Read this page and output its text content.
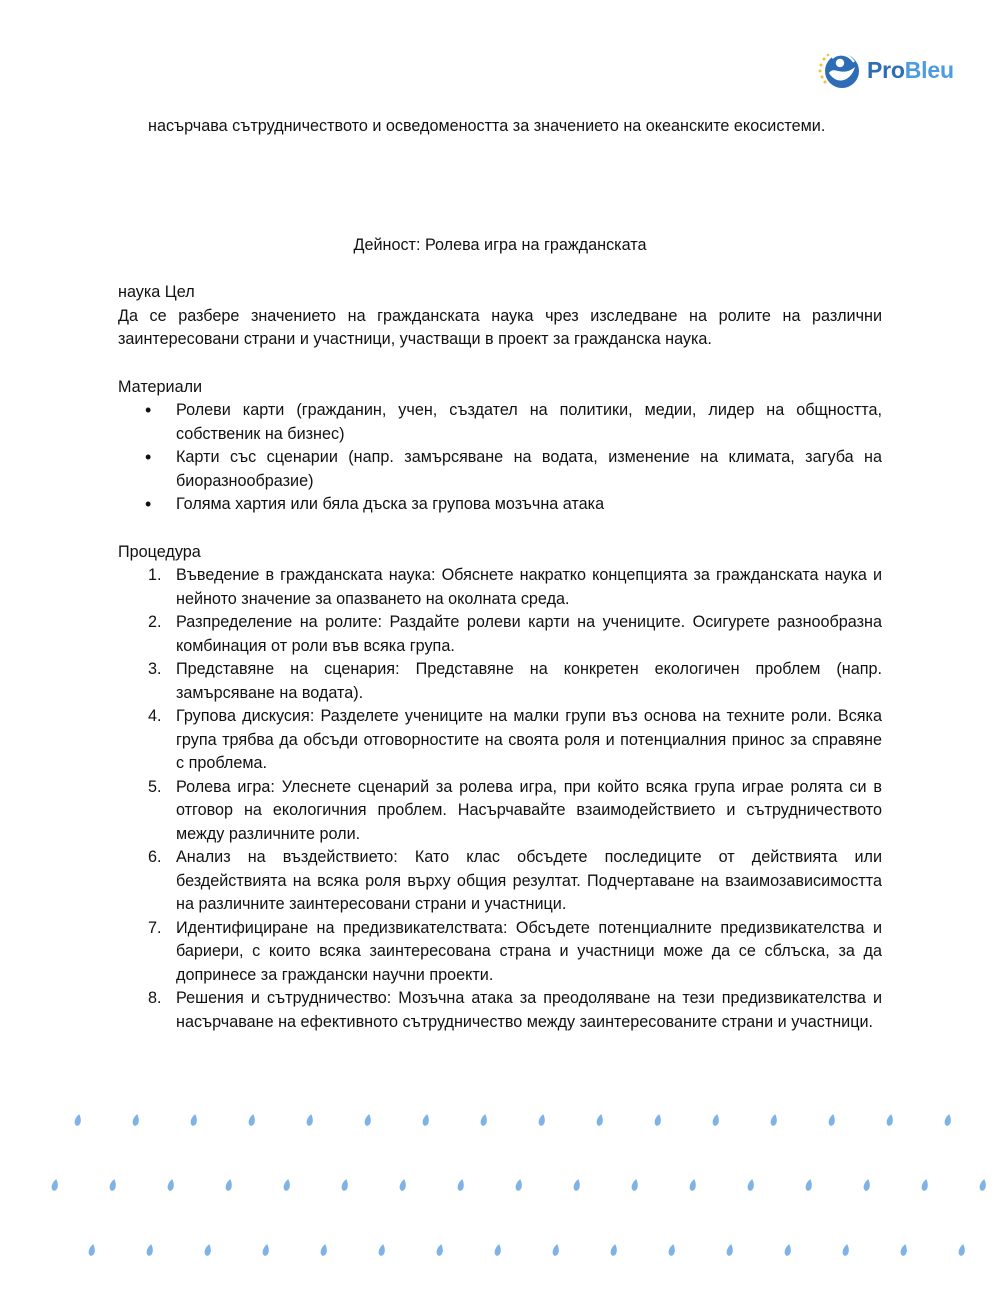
ProBleu
насърчава сътрудничеството и осведомеността за значението на океанските екосистеми.
Дейност: Ролева игра на гражданската
наука Цел
Да се разбере значението на гражданската наука чрез изследване на ролите на различни заинтересовани страни и участници, участващи в проект за гражданска наука.
Материали
• Ролеви карти (гражданин, учен, създател на политики, медии, лидер на общността, собственик на бизнес)
• Карти със сценарии (напр. замърсяване на водата, изменение на климата, загуба на биоразнообразие)
• Голяма хартия или бяла дъска за групова мозъчна атака
Процедура
1. Въведение в гражданската наука: Обяснете накратко концепцията за гражданската наука и нейното значение за опазването на околната среда.
2. Разпределение на ролите: Раздайте ролеви карти на учениците. Осигурете разнообразна комбинация от роли във всяка група.
3. Представяне на сценария: Представяне на конкретен екологичен проблем (напр. замърсяване на водата).
4. Групова дискусия: Разделете учениците на малки групи въз основа на техните роли. Всяка група трябва да обсъди отговорностите на своята роля и потенциалния принос за справяне с проблема.
5. Ролева игра: Улеснете сценарий за ролева игра, при който всяка група играе ролята си в отговор на екологичния проблем. Насърчавайте взаимодействието и сътрудничеството между различните роли.
6. Анализ на въздействието: Като клас обсъдете последиците от действията или бездействията на всяка роля върху общия резултат. Подчертаване на взаимозависимостта на различните заинтересовани страни и участници.
7. Идентифициране на предизвикателствата: Обсъдете потенциалните предизвикателства и бариери, с които всяка заинтересована страна и участници може да се сблъска, за да допринесе за граждански научни проекти.
8. Решения и сътрудничество: Мозъчна атака за преодоляване на тези предизвикателства и насърчаване на ефективното сътрудничество между заинтересованите страни и участници.
